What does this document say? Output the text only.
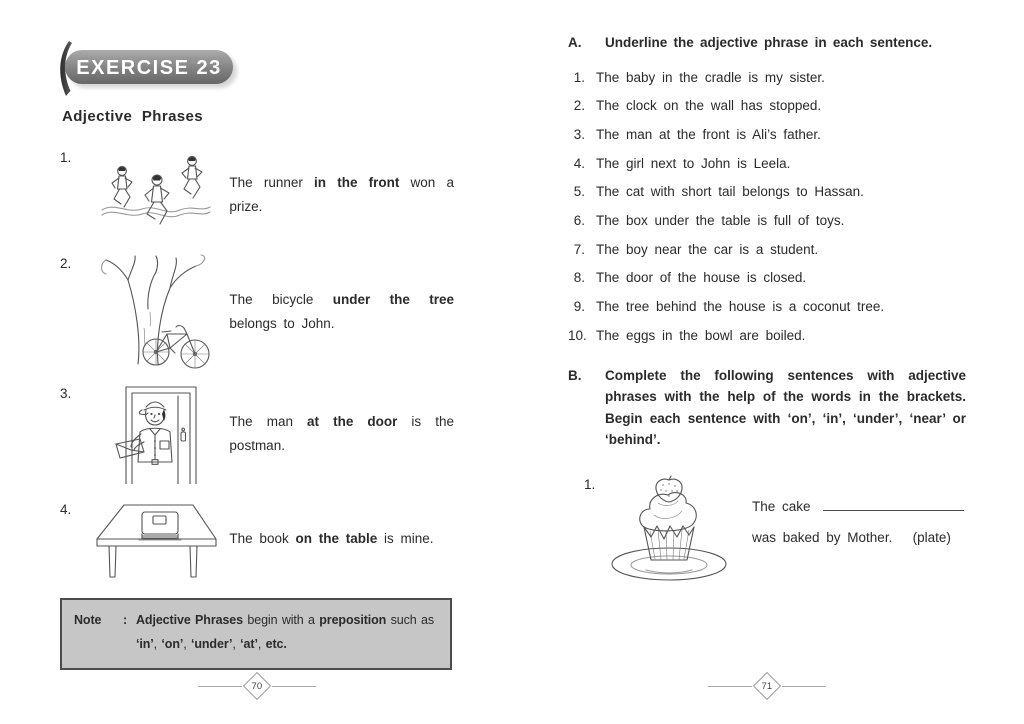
EXERCISE 23
Adjective Phrases
1.
The runner in the front won a prize.
2.
The bicycle under the tree belongs to John.
3.
The man at the door is the postman.
4.
The book on the table is mine.
Note	: Adjective Phrases begin with a preposition such as ‘in’, ‘on’, ‘under’, ‘at’, etc.
A.	Underline the adjective phrase in each sentence.
1. The baby in the cradle is my sister.
2. The clock on the wall has stopped.
3. The man at the front is Ali’s father.
4. The girl next to John is Leela.
5. The cat with short tail belongs to Hassan.
6. The box under the table is full of toys.
7. The boy near the car is a student.
8. The door of the house is closed.
9. The tree behind the house is a coconut tree.
10. The eggs in the bowl are boiled.
B.	Complete the following sentences with adjective phrases with the help of the words in the brackets. Begin each sentence with ‘on’, ‘in’, ‘under’, ‘near’ or ‘behind’.
1.
The cake
was baked by Mother. (plate)
70	71
